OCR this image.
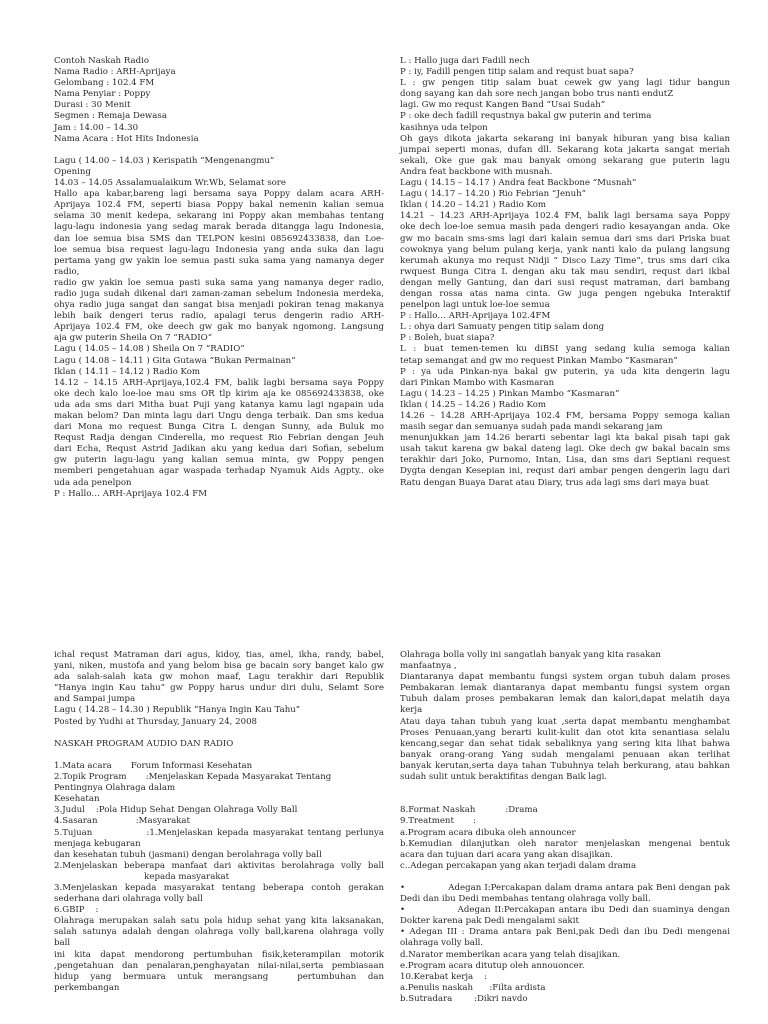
Contoh Naskah Radio
Nama Radio : ARH-Aprijaya
Gelombang : 102.4 FM
Nama Penyiar : Poppy
Durasi : 30 Menit
Segmen : Remaja Dewasa
Jam : 14.00 – 14.30
Nama Acara : Hot Hits Indonesia
Lagu ( 14.00 – 14.03 ) Kerispatih “Mengenangmu”
Opening
14.03 – 14.05 Assalamualaikum Wr.Wb, Selamat sore
Hallo apa kabar,bareng lagi bersama saya Poppy dalam acara ARH-
Aprijaya 102.4 FM, seperti biasa Poppy bakal nemenin kalian semua
selama 30 menit kedepa, sekarang ini Poppy akan membahas tentang
lagu-lagu indonesia yang sedag marak berada ditangga lagu Indonesia,
dan loe semua bisa SMS dan TELPON kesini 085692433838, dan Loe-
loe semua bisa request lagu-lagu Indonesia yang anda suka dan lagu
pertama yang gw yakin loe semua pasti suka sama yang namanya deger radio,
radio gw yakin loe semua pasti suka sama yang namanya deger radio,
radio juga sudah dikenal dari zaman-zaman sebelum Indonesia merdeka,
ohya radio juga sangat dan sangat bisa menjadi pokiran tenag makanya
lebih baik dengeri terus radio, apalagi terus dengerin radio ARH-
Aprijaya 102.4 FM, oke deech gw gak mo banyak ngomong. Langsung
aja gw puterin Sheila On 7 “RADIO”
Lagu ( 14.05 – 14.08 ) Sheila On 7 “RADIO”
Lagu ( 14.08 – 14.11 ) Gita Gutawa “Bukan Permainan”
Iklan ( 14.11 – 14.12 ) Radio Kom
14.12 – 14.15 ARH-Aprijaya,102.4 FM, balik lagbi bersama saya Poppy
oke dech kalo loe-loe mau sms OR tlp kirim aja ke 085692433838, oke
uda ada sms dari Mitha buat Puji yang katanya kamu lagi ngapain uda
makan belom? Dan minta lagu dari Ungu denga terbaik. Dan sms kedua
dari Mona mo request Bunga Citra L dengan Sunny, ada Buluk mo
Requst Radja dengan Cinderella, mo request Rio Febrian dengan Jeuh
dari Echa, Requst Astrid Jadikan aku yang kedua dari Sofian, sebelum
gw puterin lagu-lagu yang kalian semua minta, gw Poppy pengen
memberi pengetahuan agar waspada terhadap Nyamuk Aids Agpty.. oke
uda ada penelpon
P : Hallo… ARH-Aprijaya 102.4 FM
L : Hallo juga dari Fadill nech
P : iy, Fadill pengen titip salam and requst buat sapa?
L : gw pengen titip salam buat cewek gw yang lagi tidur bangun
dong sayang kan dah sore nech jangan bobo trus nanti endutZ
lagi. Gw mo requst Kangen Band “Usai Sudah”
P : oke dech fadill requstnya bakal gw puterin and terima
kasihnya uda telpon
Oh gays dikota jakarta sekarang ini banyak hiburan yang bisa kalian
jumpai seperti monas, dufan dll. Sekarang kota jakarta sangat meriah
sekali, Oke gue gak mau banyak omong sekarang gue puterin lagu
Andra feat backbone with musnah.
Lagu ( 14.15 – 14.17 ) Andra feat Backbone “Musnah”
Lagu ( 14.17 – 14.20 ) Rio Febrian “Jenuh”
Iklan ( 14.20 – 14.21 ) Radio Kom
14.21 – 14.23 ARH-Aprijaya 102.4 FM, balik lagi bersama saya Poppy
oke dech loe-loe semua masih pada dengeri radio kesayangan anda. Oke
gw mo bacain sms-sms lagi dari kalain semua dari sms dari Priska buat
cowoknya yang belum pulang kerja, yank nanti kalo da pulang langsung
kerumah akunya mo requst Nidji “ Disco Lazy Time”, trus sms dari cika
rwquest Bunga Citra L dengan aku tak mau sendiri, requst dari ikbal
dengan melly Gantung, dan dari susi requst matraman, dari bambang
dengan rossa atas nama cinta. Gw juga pengen ngebuka Interaktif
penelpon lagi untuk loe-loe semua
P : Hallo… ARH-Aprijaya 102.4FM
L : ohya dari Samuaty pengen titip salam dong
P : Boleh, buat siapa?
L : buat temen-temen ku diBSI yang sedang kulia semoga kalian
tetap semangat and gw mo request Pinkan Mambo “Kasmaran”
P : ya uda Pinkan-nya bakal gw puterin, ya uda kita dengerin lagu
dari Pinkan Mambo with Kasmaran
Lagu ( 14.23 – 14.25 ) Pinkan Mambo “Kasmaran”
Iklan ( 14.25 – 14.26 ) Radio Kom
14.26 – 14.28 ARH-Aprijaya 102.4 FM, bersama Poppy semoga kalian
masih segar dan semuanya sudah pada mandi sekarang jam
menunjukkan jam 14.26 berarti sebentar lagi kta bakal pisah tapi gak
usah takut karena gw bakal dateng lagi. Oke dech gw bakal bacain sms
terakhir dari Joko, Purnomo, Intan, Lisa, dan sms dari Septiani request
Dygta dengan Kesepian ini, requst dari ambar pengen dengerin lagu dari
Ratu dengan Buaya Darat atau Diary, trus ada lagi sms dari maya buat
ichal requst Matraman dari agus, kidoy, tias, amel, ikha, randy, babel,
yani, niken, mustofa and yang belom bisa ge bacain sory banget kalo gw
ada salah-salah kata gw mohon maaf, Lagu terakhir dari Republik
“Hanya ingin Kau tahu” gw Poppy harus undur diri dulu, Selamt Sore
and Sampai jumpa
Lagu ( 14.28 – 14.30 ) Republik “Hanya Ingin Kau Tahu”
Posted by Yudhi at Thursday, January 24, 2008
NASKAH PROGRAM AUDIO DAN RADIO
1.Mata acara       Forum Informasi Kesehatan
2.Topik Program       :Menjelaskan Kepada Masyarakat Tentang
Pentingnya Olahraga dalam
Kesehatan
3.Judul    :Pola Hidup Sehat Dengan Olahraga Volly Ball
4.Sasaran              :Masyarakat
5.Tujuan             :1.Menjelaskan kepada masyarakat tentang perlunya
menjaga kebugaran
dan kesehatan tubuh (jasmani) dengan berolahraga volly ball
2.Menjelaskan beberapa manfaat dari aktivitas berolahraga volly ball
kepada masyarakat
3.Menjelaskan kepada masyarakat tentang beberapa contoh gerakan
sederhana dari olahraga volly ball
6.GBIP    :
Olahraga merupakan salah satu pola hidup sehat yang kita laksanakan,
salah satunya adalah dengan olahraga volly ball,karena olahraga volly
ball
ini kita dapat mendorong pertumbuhan fisik,keterampilan motorik
,pengetahuan dan penalaran,penghayatan nilai-nilai,serta pembiasaan
hidup  yang  bermuara  untuk  merangsang     pertumbuhan  dan
perkembangan
Olahraga bolla volly ini sangatlah banyak yang kita rasakan
manfaatnya ,
Diantaranya dapat membantu fungsi system organ tubuh dalam proses
Pembakaran lemak diantaranya dapat membantu fungsi system organ
Tubuh dalam proses pembakaran lemak dan kalori,dapat melatih daya
kerja
Atau daya tahan tubuh yang kuat ,serta dapat membantu menghambat
Proses Penuaan,yang berarti kulit-kulit dan otot kita senantiasa selalu
kencang,segar dan sehat tidak sebaliknya yang sering kita lihat bahwa
banyak orang-orang Yang sudah mengalami penuaan akan terlihat
banyak kerutan,serta daya tahan Tubuhnya telah berkurang, atau bahkan
sudah sulit untuk beraktifitas dengan Baik lagi.
8.Format Naskah           :Drama
9.Treatment       :
a.Program acara dibuka oleh announcer
b.Kemudian dilanjutkan oleh narator menjelaskan mengenai bentuk
acara dan tujuan dari acara yang akan disajikan.
c..Adegan percakapan yang akan terjadi dalam drama
•              Adegan I:Percakapan dalam drama antara pak Beni dengan pak
Dedi dan ibu Dedi membahas tentang olahraga volly ball.
•              Adegan II:Percakapan antara ibu Dedi dan suaminya dengan
Dokter karena pak Dedi mengalami sakit
• Adegan III : Drama antara pak Beni,pak Dedi dan ibu Dedi mengenai
olahraga volly ball.
d.Narator memberikan acara yang telah disajikan.
e.Program acara ditutup oleh annouoncer.
10.Kerabat kerja    :
a.Penulis naskah      :Filta ardista
b.Sutradara        :Dikri navdo
